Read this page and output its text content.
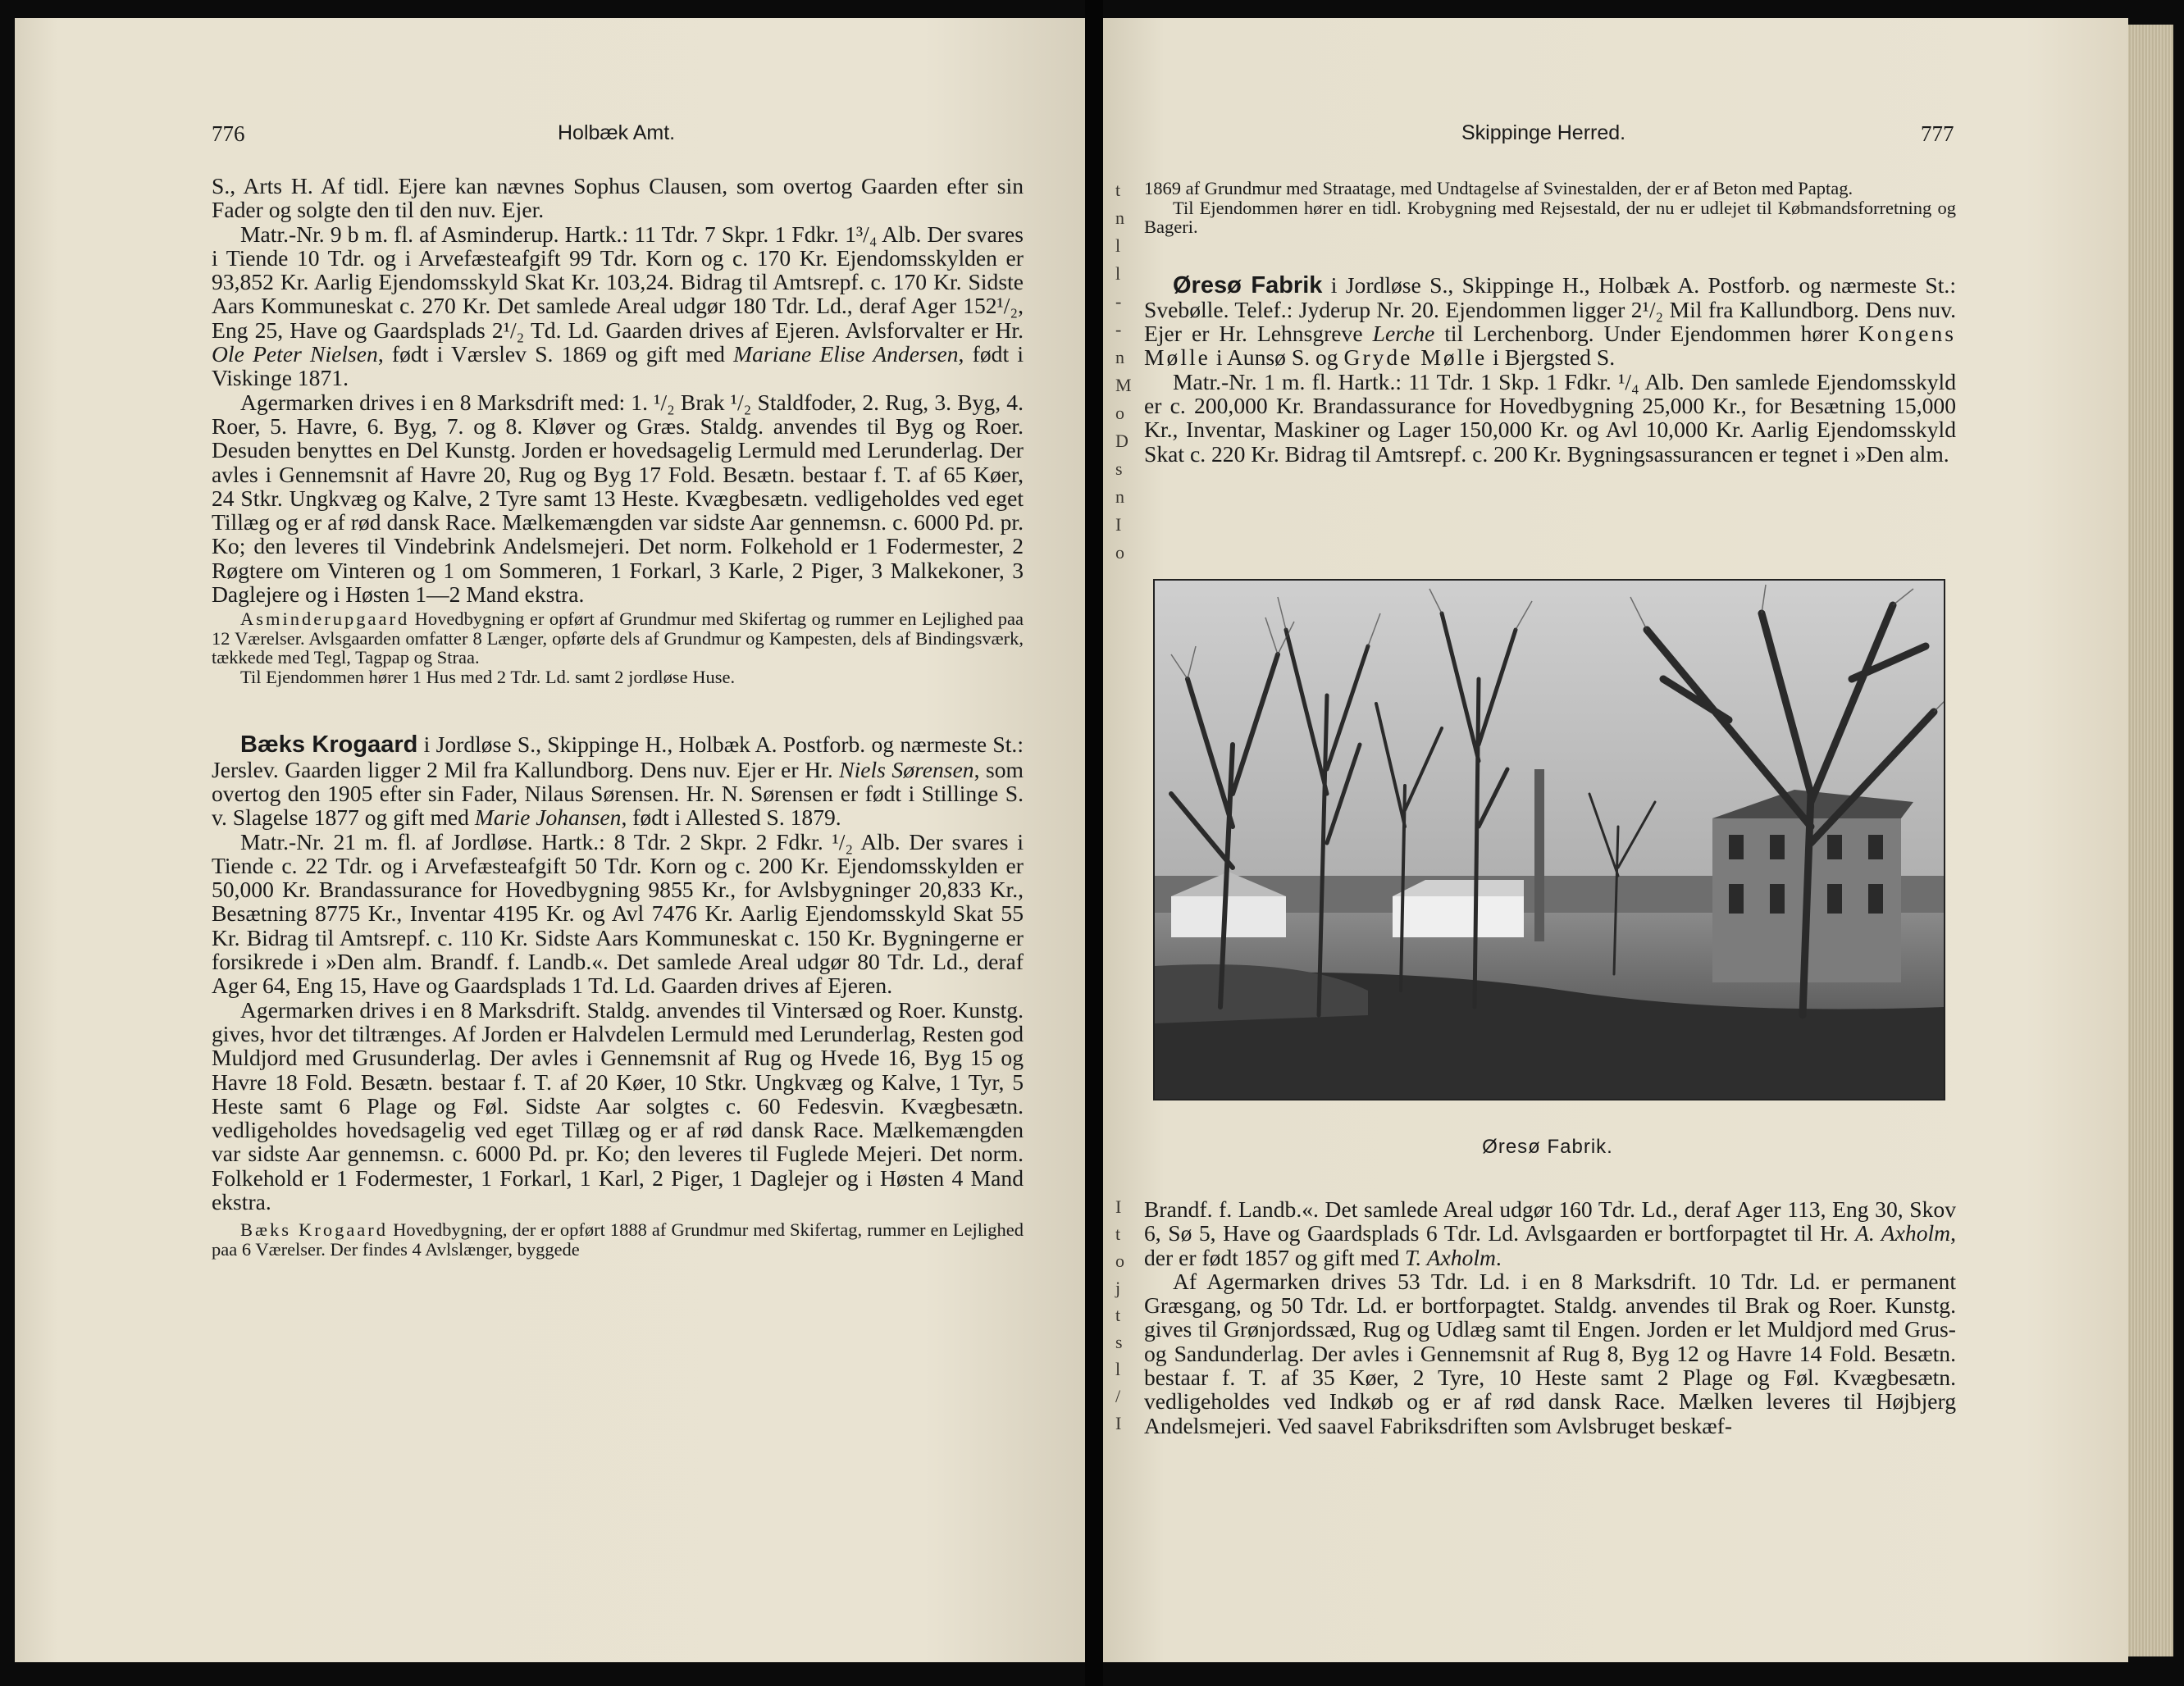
776	Holbæk Amt.

S., Arts H. Af tidl. Ejere kan nævnes Sophus Clausen, som overtog Gaarden efter sin Fader og solgte den til den nuv. Ejer.

Matr.-Nr. 9 b m. fl. af Asminderup. Hartk.: 11 Tdr. 7 Skpr. 1 Fdkr. 1³/₄ Alb. Der svares i Tiende 10 Tdr. og i Arvefæsteafgift 99 Tdr. Korn og c. 170 Kr. Ejendomsskylden er 93,852 Kr. Aarlig Ejendomsskyld Skat Kr. 103,24. Bidrag til Amtsrepf. c. 170 Kr. Sidste Aars Kommuneskat c. 270 Kr. Det samlede Areal udgør 180 Tdr. Ld., deraf Ager 152¹/₂, Eng 25, Have og Gaardsplads 2¹/₂ Td. Ld. Gaarden drives af Ejeren. Avlsforvalter er Hr. Ole Peter Nielsen, født i Værslev S. 1869 og gift med Mariane Elise Andersen, født i Viskinge 1871.

Agermarken drives i en 8 Marksdrift med: 1. ¹/₂ Brak ¹/₂ Staldfoder, 2. Rug, 3. Byg, 4. Roer, 5. Havre, 6. Byg, 7. og 8. Kløver og Græs. Staldg. anvendes til Byg og Roer. Desuden benyttes en Del Kunstg. Jorden er hovedsagelig Lermuld med Lerunderlag. Der avles i Gennemsnit af Havre 20, Rug og Byg 17 Fold. Besætn. bestaar f. T. af 65 Køer, 24 Stkr. Ungkvæg og Kalve, 2 Tyre samt 13 Heste. Kvægbesætn. vedligeholdes ved eget Tillæg og er af rød dansk Race. Mælkemængden var sidste Aar gennemsn. c. 6000 Pd. pr. Ko; den leveres til Vindebrink Andelsmejeri. Det norm. Folkehold er 1 Fodermester, 2 Røgtere om Vinteren og 1 om Sommeren, 1 Forkarl, 3 Karle, 2 Piger, 3 Malkekoner, 3 Daglejere og i Høsten 1—2 Mand ekstra.

Asminderupgaard Hovedbygning er opført af Grundmur med Skifertag og rummer en Lejlighed paa 12 Værelser. Avlsgaarden omfatter 8 Længer, opførte dels af Grundmur og Kampesten, dels af Bindingsværk, tækkede med Tegl, Tagpap og Straa.

Til Ejendommen hører 1 Hus med 2 Tdr. Ld. samt 2 jordløse Huse.

Bæks Krogaard i Jordløse S., Skippinge H., Holbæk A. Postforb. og nærmeste St.: Jerslev. Gaarden ligger 2 Mil fra Kallundborg. Dens nuv. Ejer er Hr. Niels Sørensen, som overtog den 1905 efter sin Fader, Nilaus Sørensen. Hr. N. Sørensen er født i Stillinge S. v. Slagelse 1877 og gift med Marie Johansen, født i Allested S. 1879.

Matr.-Nr. 21 m. fl. af Jordløse. Hartk.: 8 Tdr. 2 Skpr. 2 Fdkr. ¹/₂ Alb. Der svares i Tiende c. 22 Tdr. og i Arvefæsteafgift 50 Tdr. Korn og c. 200 Kr. Ejendomsskylden er 50,000 Kr. Brandassurance for Hovedbygning 9855 Kr., for Avlsbygninger 20,833 Kr., Besætning 8775 Kr., Inventar 4195 Kr. og Avl 7476 Kr. Aarlig Ejendomsskyld Skat 55 Kr. Bidrag til Amtsrepf. c. 110 Kr. Sidste Aars Kommuneskat c. 150 Kr. Bygningerne er forsikrede i »Den alm. Brandf. f. Landb.«. Det samlede Areal udgør 80 Tdr. Ld., deraf Ager 64, Eng 15, Have og Gaardsplads 1 Td. Ld. Gaarden drives af Ejeren.

Agermarken drives i en 8 Marksdrift. Staldg. anvendes til Vintersæd og Roer. Kunstg. gives, hvor det tiltrænges. Af Jorden er Halvdelen Lermuld med Lerunderlag, Resten god Muldjord med Grusunderlag. Der avles i Gennemsnit af Rug og Hvede 16, Byg 15 og Havre 18 Fold. Besætn. bestaar f. T. af 20 Køer, 10 Stkr. Ungkvæg og Kalve, 1 Tyr, 5 Heste samt 6 Plage og Føl. Sidste Aar solgtes c. 60 Fedesvin. Kvægbesætn. vedligeholdes hovedsagelig ved eget Tillæg og er af rød dansk Race. Mælkemængden var sidste Aar gennemsn. c. 6000 Pd. pr. Ko; den leveres til Fuglede Mejeri. Det norm. Folkehold er 1 Fodermester, 1 Forkarl, 1 Karl, 2 Piger, 1 Daglejer og i Høsten 4 Mand ekstra.

Bæks Krogaard Hovedbygning, der er opført 1888 af Grundmur med Skifertag, rummer en Lejlighed paa 6 Værelser. Der findes 4 Avlslænger, byggede

Skippinge Herred.	777

1869 af Grundmur med Straatage, med Undtagelse af Svinestalden, der er af Beton med Paptag.

Til Ejendommen hører en tidl. Krobygning med Rejsestald, der nu er udlejet til Købmandsforretning og Bageri.

Øresø Fabrik i Jordløse S., Skippinge H., Holbæk A. Postforb. og nærmeste St.: Svebølle. Telef.: Jyderup Nr. 20. Ejendommen ligger 2¹/₂ Mil fra Kallundborg. Dens nuv. Ejer er Hr. Lehnsgreve Lerche til Lerchenborg. Under Ejendommen hører Kongens Mølle i Aunsø S. og Gryde Mølle i Bjergsted S.

Matr.-Nr. 1 m. fl. Hartk.: 11 Tdr. 1 Skp. 1 Fdkr. ¹/₄ Alb. Den samlede Ejendomsskyld er c. 200,000 Kr. Brandassurance for Hovedbygning 25,000 Kr., for Besætning 15,000 Kr., Inventar, Maskiner og Lager 150,000 Kr. og Avl 10,000 Kr. Aarlig Ejendomsskyld Skat c. 220 Kr. Bidrag til Amtsrepf. c. 200 Kr. Bygningsassurancen er tegnet i »Den alm.

Øresø Fabrik.

Brandf. f. Landb.«. Det samlede Areal udgør 160 Tdr. Ld., deraf Ager 113, Eng 30, Skov 6, Sø 5, Have og Gaardsplads 6 Tdr. Ld. Avlsgaarden er bortforpagtet til Hr. A. Axholm, der er født 1857 og gift med T. Axholm.

Af Agermarken drives 53 Tdr. Ld. i en 8 Marksdrift. 10 Tdr. Ld. er permanent Græsgang, og 50 Tdr. Ld. er bortforpagtet. Staldg. anvendes til Brak og Roer. Kunstg. gives til Grønjordssæd, Rug og Udlæg samt til Engen. Jorden er let Muldjord med Grus- og Sandunderlag. Der avles i Gennemsnit af Rug 8, Byg 12 og Havre 14 Fold. Besætn. bestaar f. T. af 35 Køer, 2 Tyre, 10 Heste samt 2 Plage og Føl. Kvægbesætn. vedligeholdes ved Indkøb og er af rød dansk Race. Mælken leveres til Højbjerg Andelsmejeri. Ved saavel Fabriksdriften som Avlsbruget beskæf-

t
n
l
l
-
-
n
M
o
D
s
n
I
o
I
t
o
j
t
s
l
/
I
